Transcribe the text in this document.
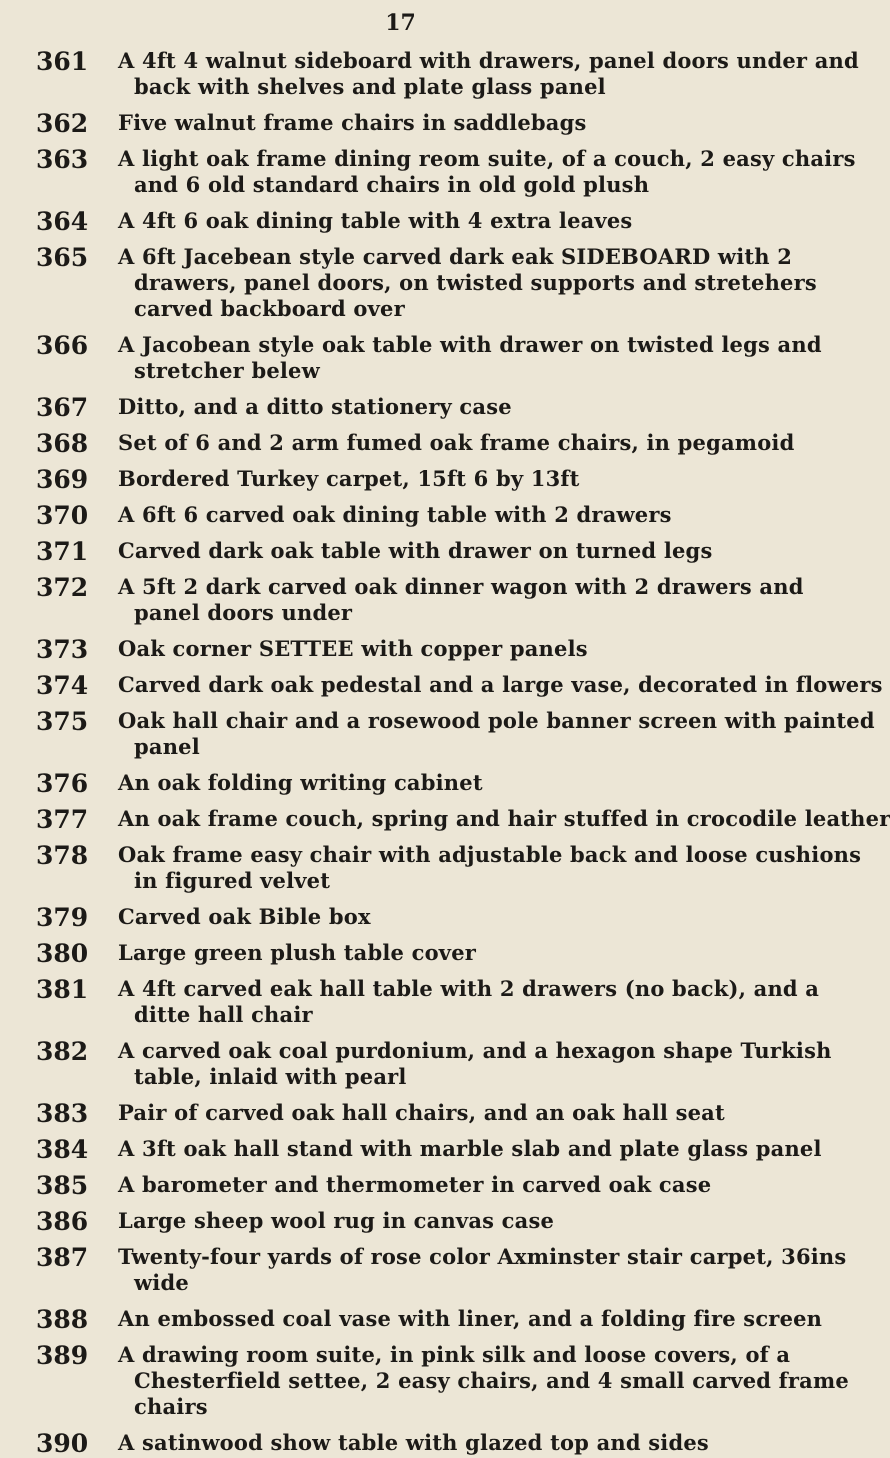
17
361 A 4ft 4 walnut sideboard with drawers, panel doors under and
back with shelves and plate glass panel
362 Five walnut frame chairs in saddlebags
363 A light oak frame dining reom suite, of a couch, 2 easy chairs
and 6 old standard chairs in old gold plush
364 A 4ft 6 oak dining table with 4 extra leaves
365 A 6ft Jacebean style carved dark eak SIDEBOARD with 2
drawers, panel doors, on twisted supports and stretehers
carved backboard over
366 A Jacobean style oak table with drawer on twisted legs and
stretcher belew
367 Ditto, and a ditto stationery case
368 Set of 6 and 2 arm fumed oak frame chairs, in pegamoid
369 Bordered Turkey carpet, 15ft 6 by 13ft
370 A 6ft 6 carved oak dining table with 2 drawers
371 Carved dark oak table with drawer on turned legs
372 A 5ft 2 dark carved oak dinner wagon with 2 drawers and
panel doors under
373 Oak corner SETTEE with copper panels
374 Carved dark oak pedestal and a large vase, decorated in flowers
375 Oak hall chair and a rosewood pole banner screen with painted
panel
376 An oak folding writing cabinet
377 An oak frame couch, spring and hair stuffed in crocodile leather
378 Oak frame easy chair with adjustable back and loose cushions
in figured velvet
379 Carved oak Bible box
380 Large green plush table cover
381 A 4ft carved eak hall table with 2 drawers (no back), and a
ditte hall chair
382 A carved oak coal purdonium, and a hexagon shape Turkish
table, inlaid with pearl
383 Pair of carved oak hall chairs, and an oak hall seat
384 A 3ft oak hall stand with marble slab and plate glass panel
385 A barometer and thermometer in carved oak case
386 Large sheep wool rug in canvas case
387 Twenty-four yards of rose color Axminster stair carpet, 36ins
wide
388 An embossed coal vase with liner, and a folding fire screen
389 A drawing room suite, in pink silk and loose covers, of a
Chesterfield settee, 2 easy chairs, and 4 small carved frame
chairs
390 A satinwood show table with glazed top and sides
